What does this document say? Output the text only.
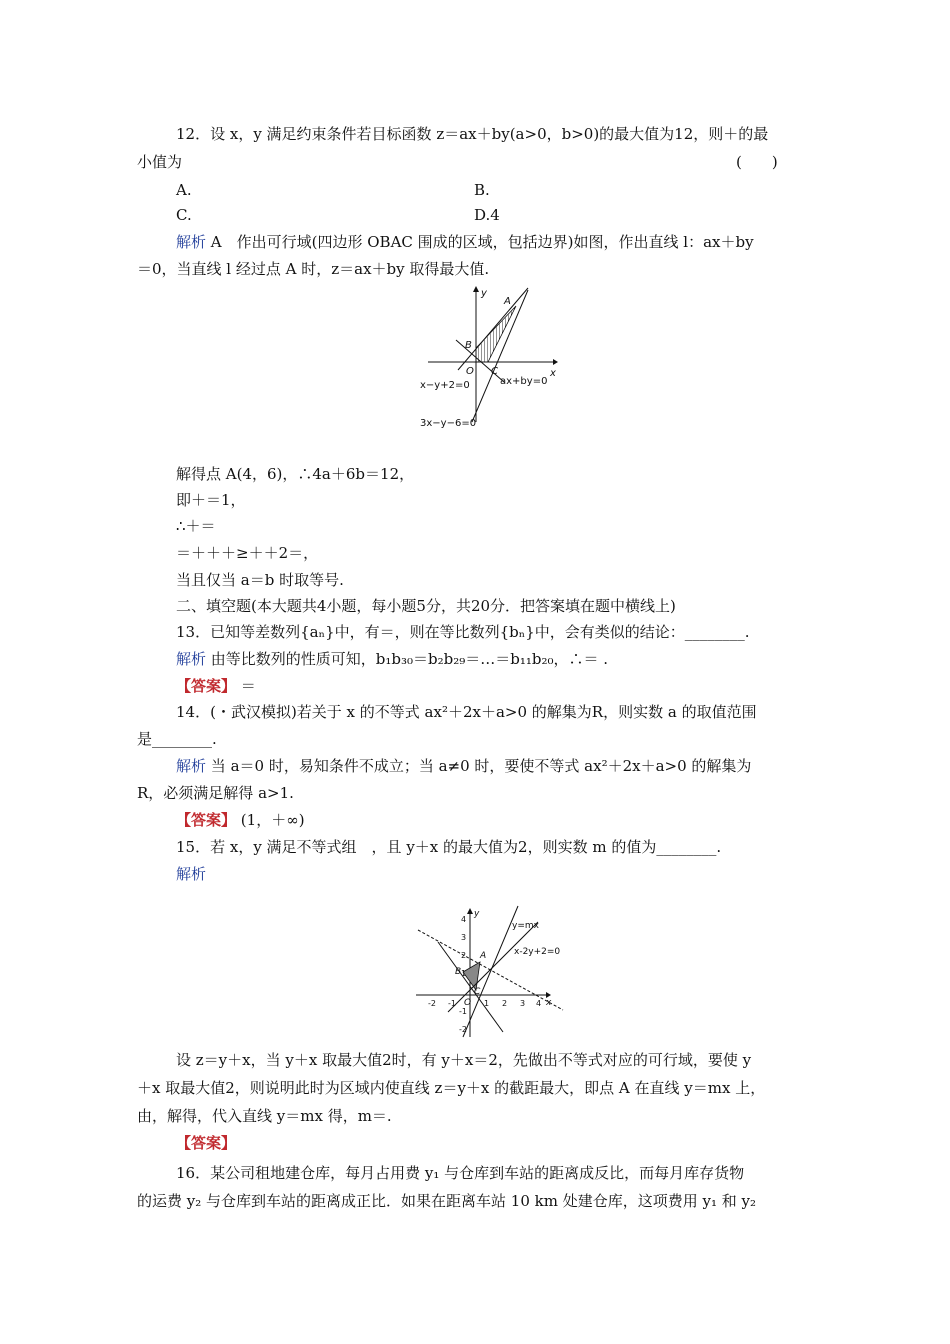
12．设 x，y 满足约束条件若目标函数 z＝ax＋by(a>0，b>0)的最大值为12，则＋的最
小值为	(　　)
A.	B.
C.	D.4
解析 A　作出可行域(四边形 OBAC 围成的区域，包括边界)如图，作出直线 l：ax＋by
＝0，当直线 l 经过点 A 时，z＝ax＋by 取得最大值.
y
x
A
B
O C
x−y+2=0	ax+by=0
3x−y−6=0
解得点 A(4，6)，∴4a＋6b＝12，
即＋＝1，
∴＋＝
＝＋＋＋≥＋＋2＝，
当且仅当 a＝b 时取等号.
二、填空题(本大题共4小题，每小题5分，共20分．把答案填在题中横线上)
13．已知等差数列{aₙ}中，有＝，则在等比数列{bₙ}中，会有类似的结论：________.
解析 由等比数列的性质可知，b₁b₃₀＝b₂b₂₉＝…＝b₁₁b₂₀，∴＝ .
【答案】 ＝
14．(・武汉模拟)若关于 x 的不等式 ax²＋2x＋a>0 的解集为R，则实数 a 的取值范围
是________.
解析 当 a＝0 时，易知条件不成立；当 a≠0 时，要使不等式 ax²＋2x＋a>0 的解集为
R，必须满足解得 a>1.
【答案】 (1，＋∞)
15．若 x，y 满足不等式组　，且 y＋x 的最大值为2，则实数 m 的值为________.
解析
y
x
A
B
C
O
y=mx
x-2y+2=0
4
3
2
1
-1
-2
-2 -1	1 2 3 4
设 z＝y＋x，当 y＋x 取最大值2时，有 y＋x＝2，先做出不等式对应的可行域，要使 y
＋x 取最大值2，则说明此时为区域内使直线 z＝y＋x 的截距最大，即点 A 在直线 y＝mx 上，
由，解得，代入直线 y＝mx 得，m＝.
【答案】
16．某公司租地建仓库，每月占用费 y₁ 与仓库到车站的距离成反比，而每月库存货物
的运费 y₂ 与仓库到车站的距离成正比．如果在距离车站 10 km 处建仓库，这项费用 y₁ 和 y₂
